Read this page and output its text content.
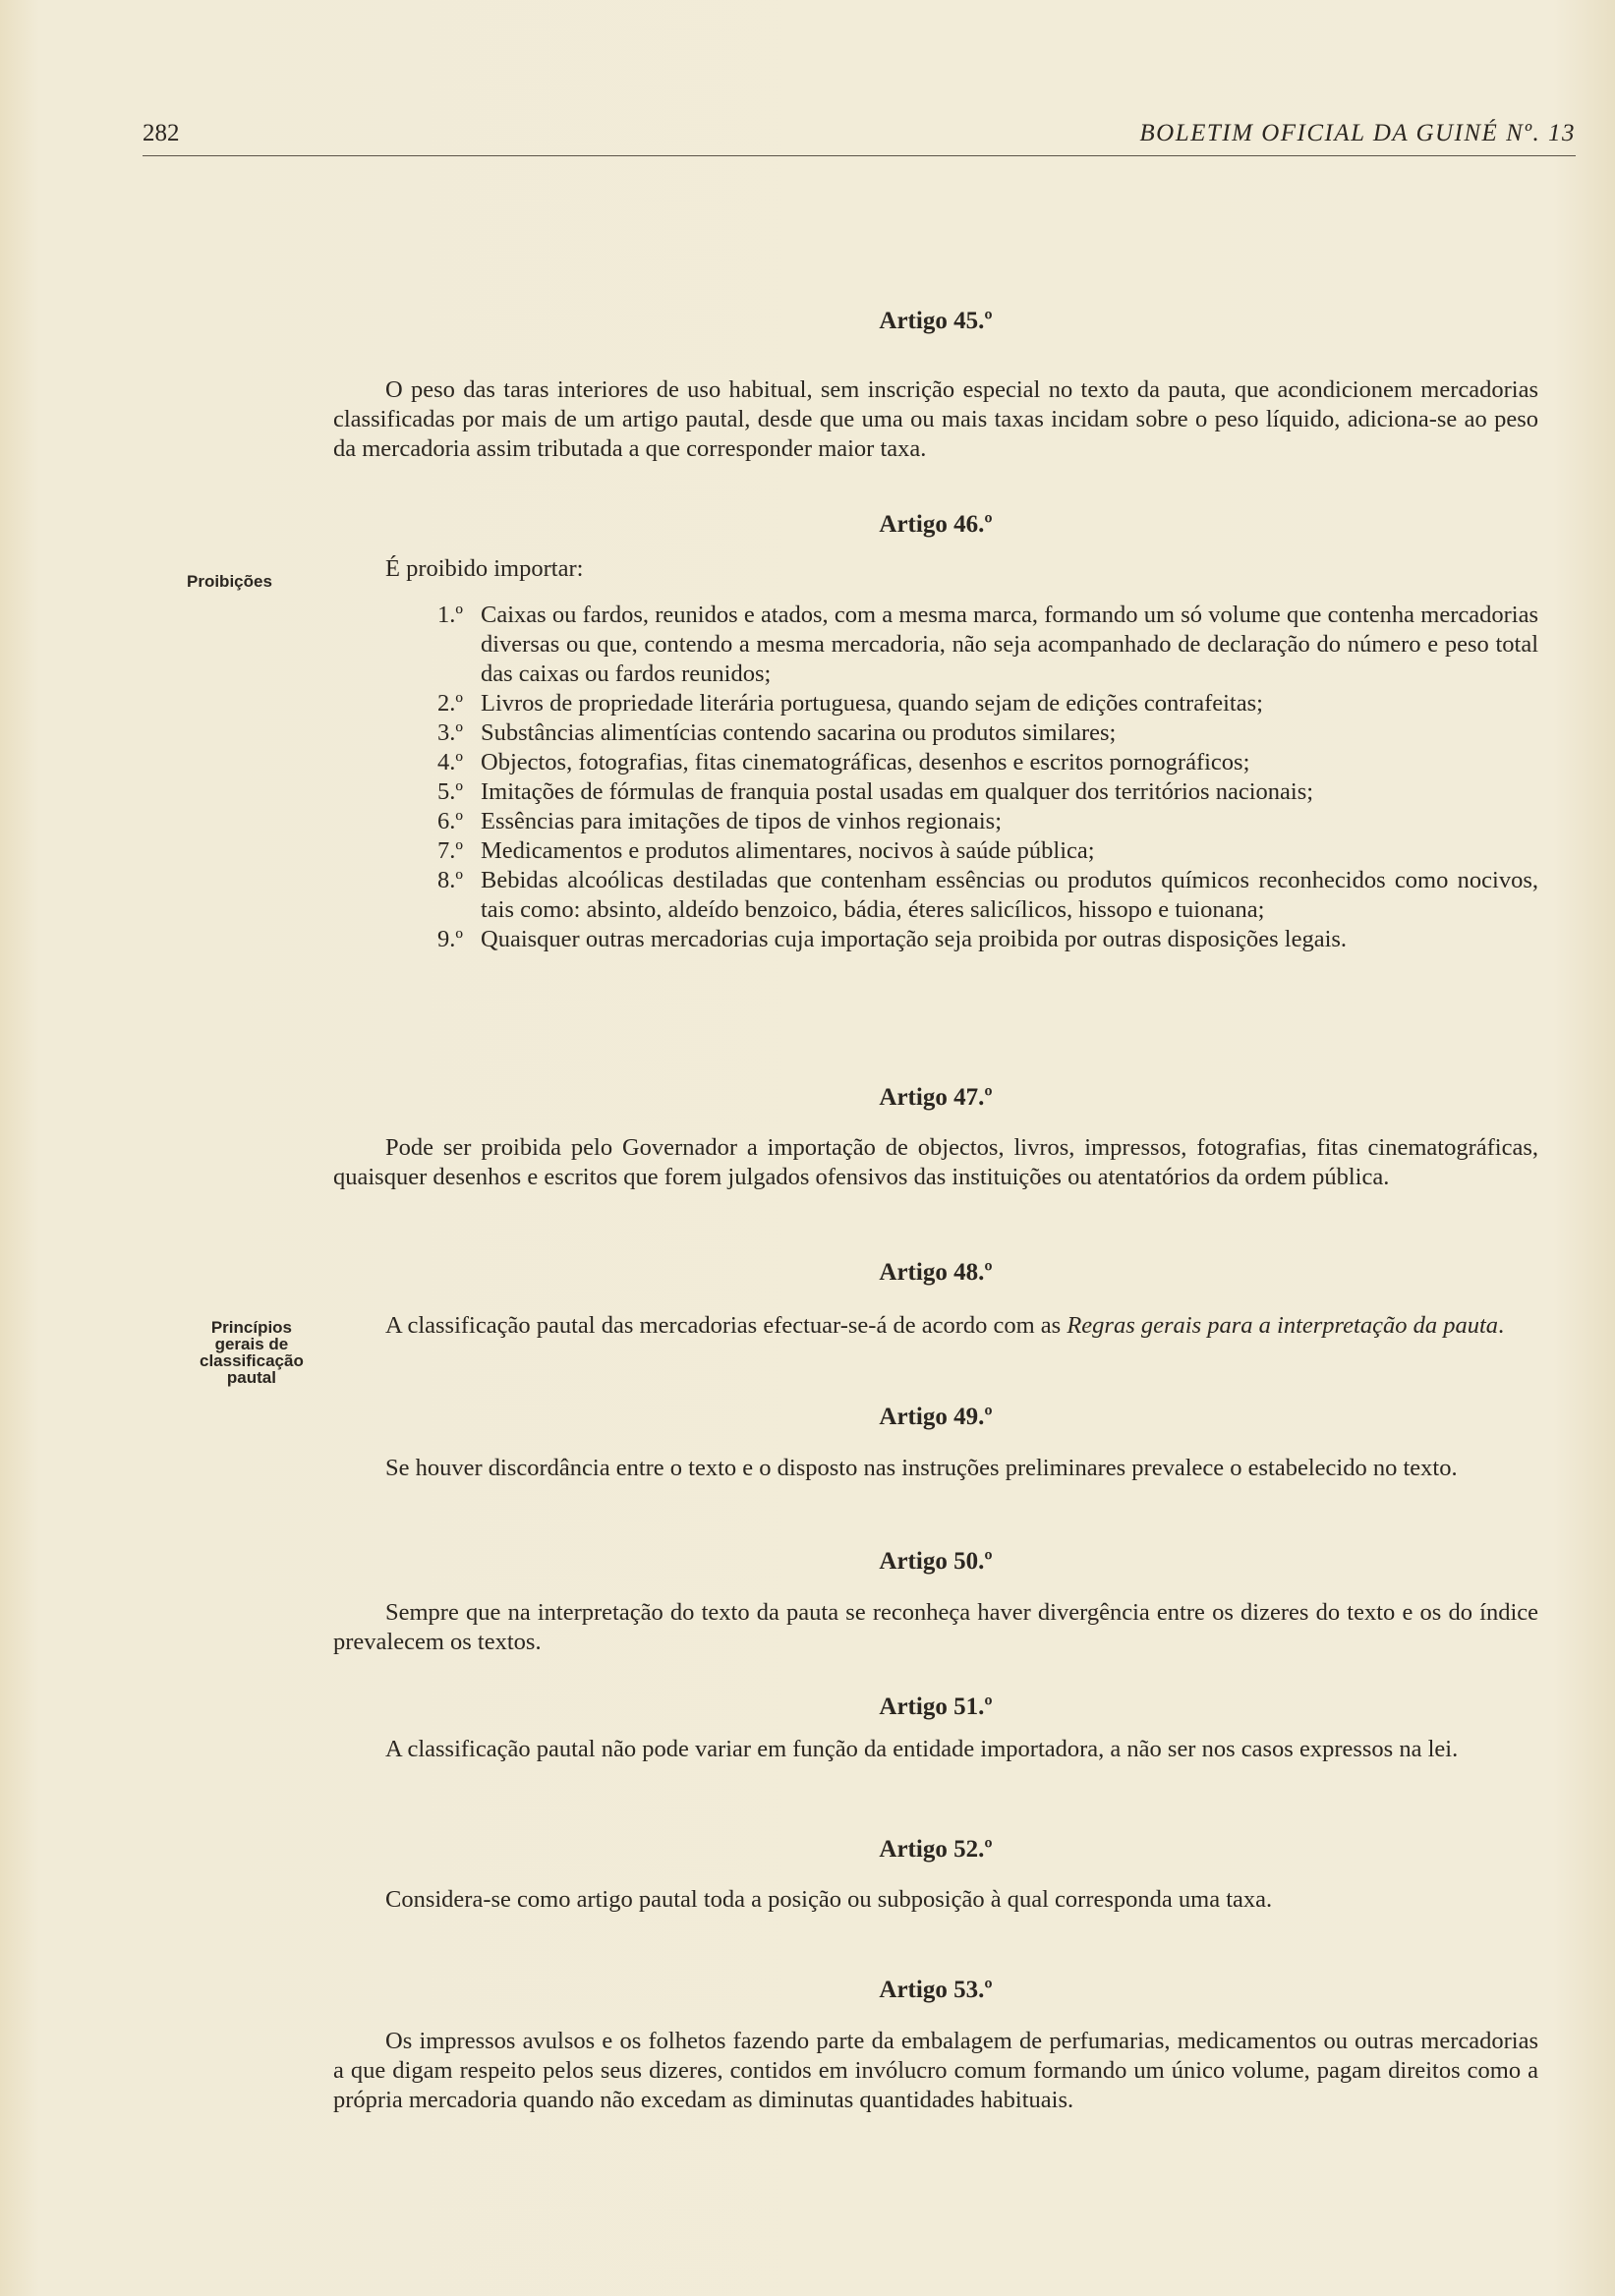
282	BOLETIM OFICIAL DA GUINÉ Nº. 13
Proibições
Princípios
gerais de
classificação
pautal
Artigo 45.º

O peso das taras interiores de uso habitual, sem inscrição especial no texto da pauta, que acondicionem mercadorias classificadas por mais de um artigo pautal, desde que uma ou mais taxas incidam sobre o peso líquido, adiciona-se ao peso da mercadoria assim tributada a que corresponder maior taxa.

Artigo 46.º

É proibido importar:

1.º Caixas ou fardos, reunidos e atados, com a mesma marca, formando um só volume que contenha mercadorias diversas ou que, contendo a mesma mercadoria, não seja acompanhado de declaração do número e peso total das caixas ou fardos reunidos;
2.º Livros de propriedade literária portuguesa, quando sejam de edições contrafeitas;
3.º Substâncias alimentícias contendo sacarina ou produtos similares;
4.º Objectos, fotografias, fitas cinematográficas, desenhos e escritos pornográficos;
5.º Imitações de fórmulas de franquia postal usadas em qualquer dos territórios nacionais;
6.º Essências para imitações de tipos de vinhos regionais;
7.º Medicamentos e produtos alimentares, nocivos à saúde pública;
8.º Bebidas alcoólicas destiladas que contenham essências ou produtos químicos reconhecidos como nocivos, tais como: absinto, aldeído benzoico, bádia, éteres salicílicos, hissopo e tuionana;
9.º Quaisquer outras mercadorias cuja importação seja proibida por outras disposições legais.
Artigo 47.º

Pode ser proibida pelo Governador a importação de objectos, livros, impressos, fotografias, fitas cinematográficas, quaisquer desenhos e escritos que forem julgados ofensivos das instituições ou atentatórios da ordem pública.

Artigo 48.º

A classificação pautal das mercadorias efectuar-se-á de acordo com as Regras gerais para a interpretação da pauta.

Artigo 49.º

Se houver discordância entre o texto e o disposto nas instruções preliminares prevalece o estabelecido no texto.

Artigo 50.º

Sempre que na interpretação do texto da pauta se reconheça haver divergência entre os dizeres do texto e os do índice prevalecem os textos.

Artigo 51.º

A classificação pautal não pode variar em função da entidade importadora, a não ser nos casos expressos na lei.

Artigo 52.º

Considera-se como artigo pautal toda a posição ou subposição à qual corresponda uma taxa.

Artigo 53.º

Os impressos avulsos e os folhetos fazendo parte da embalagem de perfumarias, medicamentos ou outras mercadorias a que digam respeito pelos seus dizeres, contidos em invólucro comum formando um único volume, pagam direitos como a própria mercadoria quando não excedam as diminutas quantidades habituais.
